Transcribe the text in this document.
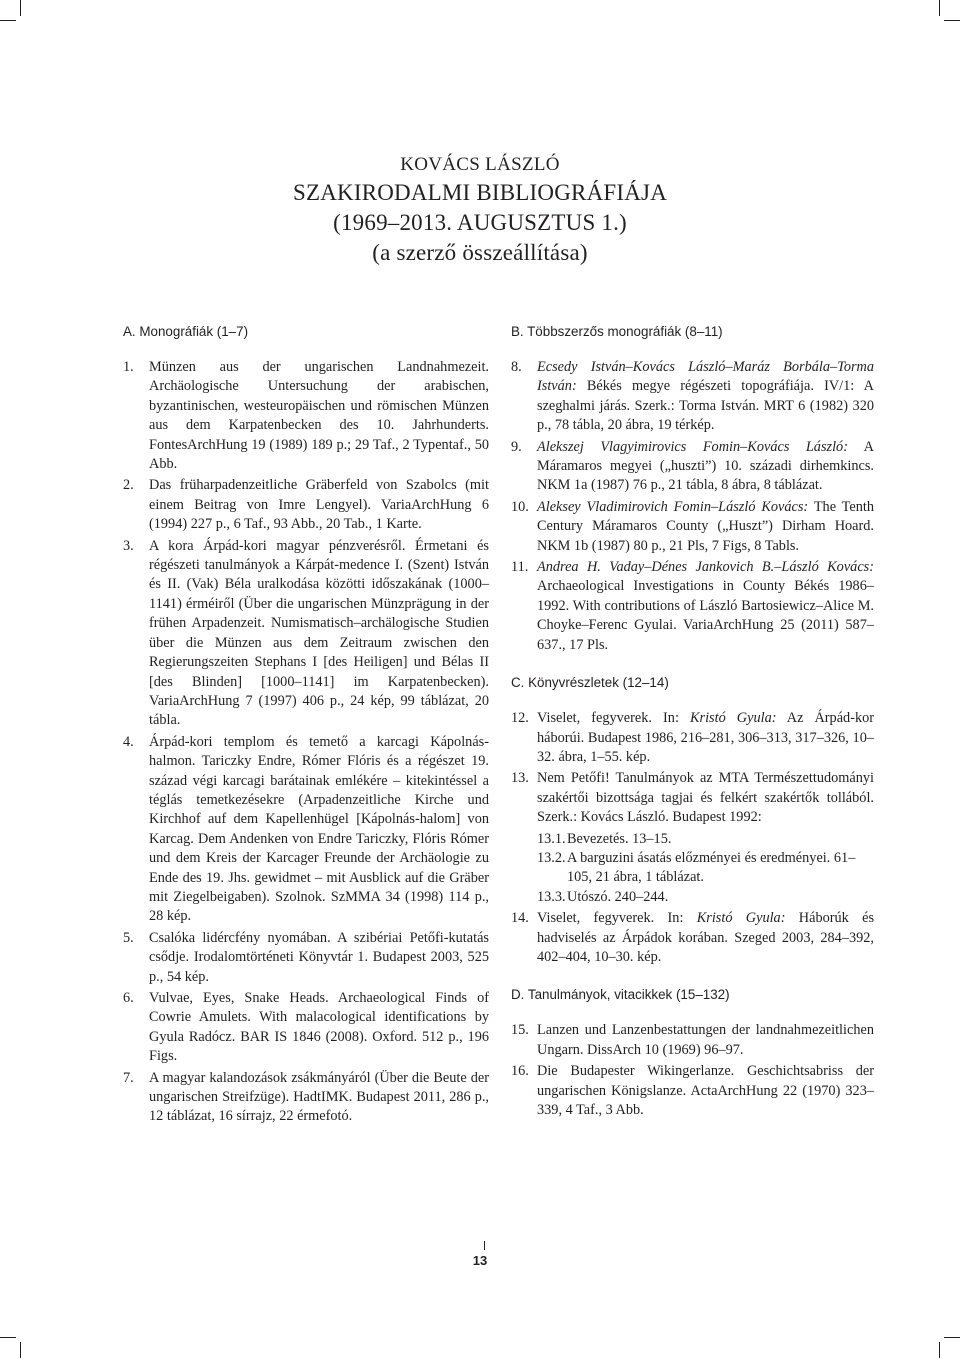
KOVÁCS LÁSZLÓ
SZAKIRODALMI BIBLIOGRÁFIÁJA
(1969–2013. AUGUSZTUS 1.)
(a szerző összeállítása)
A. Monográfiák (1–7)
1. Münzen aus der ungarischen Landnahmezeit. Archäologische Untersuchung der arabischen, byzantinischen, westeuropäischen und römischen Münzen aus dem Karpatenbecken des 10. Jahrhunderts. FontesArchHung 19 (1989) 189 p.; 29 Taf., 2 Typentaf., 50 Abb.
2. Das früharpadenzeitliche Gräberfeld von Szabolcs (mit einem Beitrag von Imre Lengyel). VariaArchHung 6 (1994) 227 p., 6 Taf., 93 Abb., 20 Tab., 1 Karte.
3. A kora Árpád-kori magyar pénzverésről. Érmetani és régészeti tanulmányok a Kárpát-medence I. (Szent) István és II. (Vak) Béla uralkodása közötti időszakának (1000–1141) érméiről (Über die ungarischen Münzprägung in der frühen Arpadenzeit. Numismatisch–archälogische Studien über die Münzen aus dem Zeitraum zwischen den Regierungszeiten Stephans I [des Heiligen] und Bélas II [des Blinden] [1000–1141] im Karpatenbecken). VariaArchHung 7 (1997) 406 p., 24 kép, 99 táblázat, 20 tábla.
4. Árpád-kori templom és temető a karcagi Kápolnás-halmon. Tariczky Endre, Rómer Flóris és a régészet 19. század végi karcagi barátainak emlékére – kitekintéssel a téglás temetkezésekre (Arpadenzeitliche Kirche und Kirchhof auf dem Kapellenhügel [Kápolnás-halom] von Karcag. Dem Andenken von Endre Tariczky, Flóris Rómer und dem Kreis der Karcager Freunde der Archäologie zu Ende des 19. Jhs. gewidmet – mit Ausblick auf die Gräber mit Ziegelbeigaben). Szolnok. SzMMA 34 (1998) 114 p., 28 kép.
5. Csalóka lidércfény nyomában. A szibériai Petőfi-kutatás csődje. Irodalomtörténeti Könyvtár 1. Budapest 2003, 525 p., 54 kép.
6. Vulvae, Eyes, Snake Heads. Archaeological Finds of Cowrie Amulets. With malacological identifications by Gyula Radócz. BAR IS 1846 (2008). Oxford. 512 p., 196 Figs.
7. A magyar kalandozások zsákmányáról (Über die Beute der ungarischen Streifzüge). HadtIMK. Budapest 2011, 286 p., 12 táblázat, 16 sírrajz, 22 érmefotó.
B. Többszerzős monográfiák (8–11)
8. Ecsedy István–Kovács László–Maráz Borbála–Torma István: Békés megye régészeti topográfiája. IV/1: A szeghalmi járás. Szerk.: Torma István. MRT 6 (1982) 320 p., 78 tábla, 20 ábra, 19 térkép.
9. Alekszej Vlagyimirovics Fomin–Kovács László: A Máramaros megyei („huszti”) 10. századi dirhemkincs. NKM 1a (1987) 76 p., 21 tábla, 8 ábra, 8 táblázat.
10. Aleksey Vladimirovich Fomin–László Kovács: The Tenth Century Máramaros County („Huszt”) Dirham Hoard. NKM 1b (1987) 80 p., 21 Pls, 7 Figs, 8 Tabls.
11. Andrea H. Vaday–Dénes Jankovich B.–László Kovács: Archaeological Investigations in County Békés 1986–1992. With contributions of László Bartosiewicz–Alice M. Choyke–Ferenc Gyulai. VariaArchHung 25 (2011) 587–637., 17 Pls.
C. Könyvrészletek (12–14)
12. Viselet, fegyverek. In: Kristó Gyula: Az Árpád-kor háborúi. Budapest 1986, 216–281, 306–313, 317–326, 10–32. ábra, 1–55. kép.
13. Nem Petőfi! Tanulmányok az MTA Természettudományi szakértői bizottsága tagjai és felkért szakértők tollából. Szerk.: Kovács László. Budapest 1992:
13.1. Bevezetés. 13–15.
13.2. A barguzini ásatás előzményei és eredményei. 61–105, 21 ábra, 1 táblázat.
13.3. Utószó. 240–244.
14. Viselet, fegyverek. In: Kristó Gyula: Háborúk és hadviselés az Árpádok korában. Szeged 2003, 284–392, 402–404, 10–30. kép.
D. Tanulmányok, vitacikkek (15–132)
15. Lanzen und Lanzenbestattungen der landnahmezeitlichen Ungarn. DissArch 10 (1969) 96–97.
16. Die Budapester Wikingerlanze. Geschichtsabriss der ungarischen Königslanze. ActaArchHung 22 (1970) 323–339, 4 Taf., 3 Abb.
13
